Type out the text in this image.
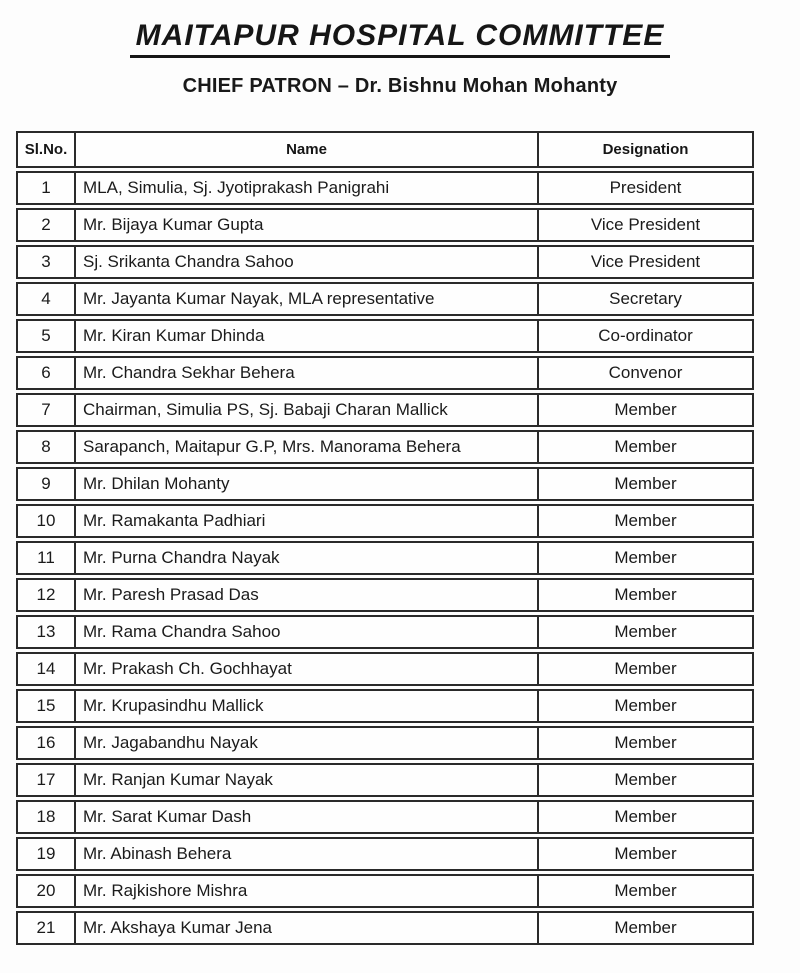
MAITAPUR HOSPITAL COMMITTEE
CHIEF PATRON – Dr. Bishnu Mohan Mohanty
Sl.No.	Name	Designation
1	MLA, Simulia, Sj. Jyotiprakash Panigrahi	President
2	Mr. Bijaya Kumar Gupta	Vice President
3	Sj. Srikanta Chandra Sahoo	Vice President
4	Mr. Jayanta Kumar Nayak, MLA representative	Secretary
5	Mr. Kiran Kumar Dhinda	Co-ordinator
6	Mr. Chandra Sekhar Behera	Convenor
7	Chairman, Simulia PS, Sj. Babaji Charan Mallick	Member
8	Sarapanch, Maitapur G.P, Mrs. Manorama Behera	Member
9	Mr. Dhilan Mohanty	Member
10	Mr. Ramakanta Padhiari	Member
11	Mr. Purna Chandra Nayak	Member
12	Mr. Paresh Prasad Das	Member
13	Mr. Rama Chandra Sahoo	Member
14	Mr. Prakash Ch. Gochhayat	Member
15	Mr. Krupasindhu Mallick	Member
16	Mr. Jagabandhu Nayak	Member
17	Mr. Ranjan Kumar Nayak	Member
18	Mr. Sarat Kumar Dash	Member
19	Mr. Abinash Behera	Member
20	Mr. Rajkishore Mishra	Member
21	Mr. Akshaya Kumar Jena	Member
